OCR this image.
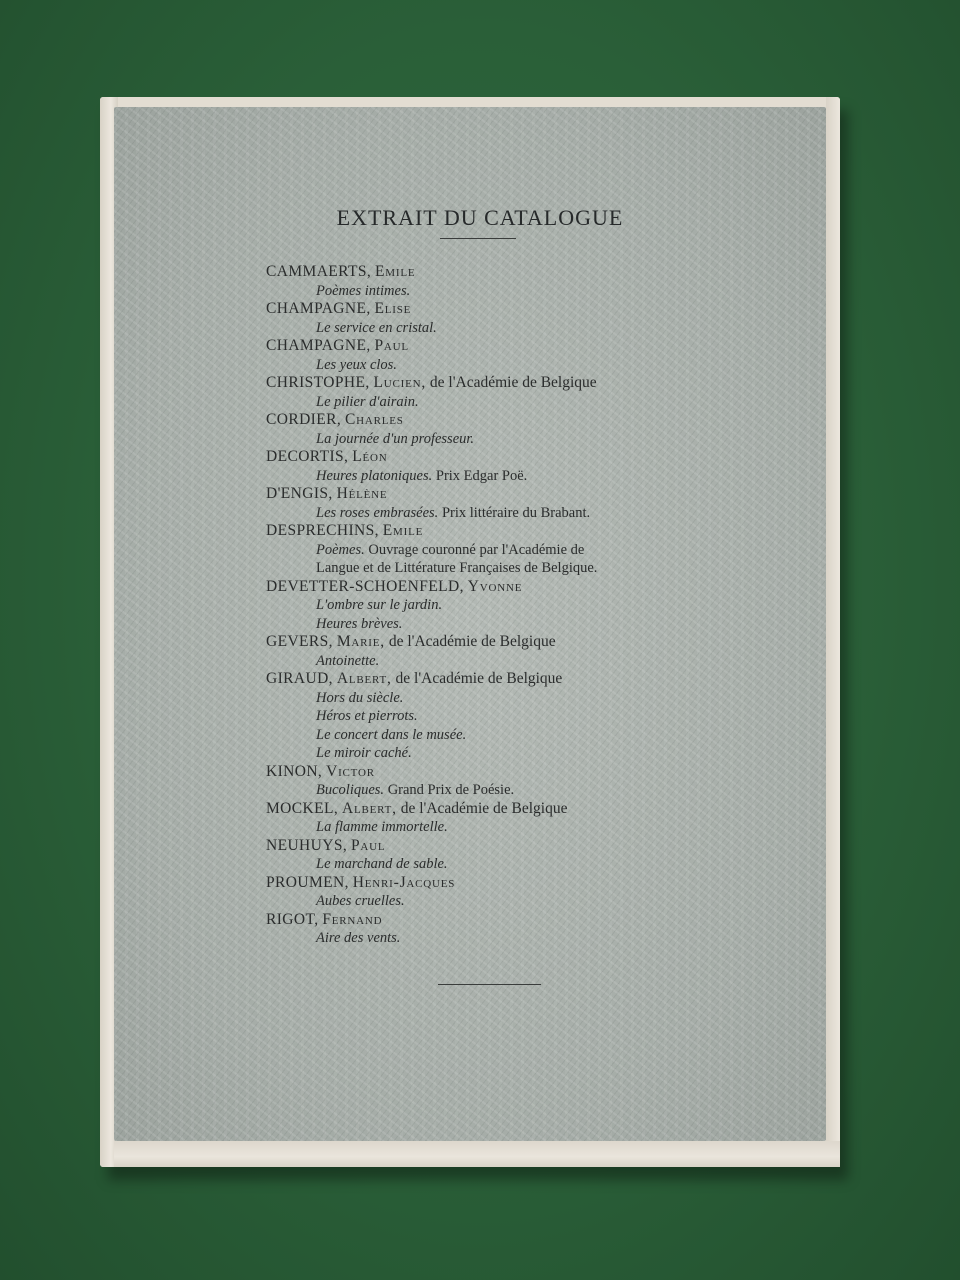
EXTRAIT DU CATALOGUE
CAMMAERTS, Emile
Poèmes intimes.
CHAMPAGNE, Elise
Le service en cristal.
CHAMPAGNE, Paul
Les yeux clos.
CHRISTOPHE, Lucien, de l'Académie de Belgique
Le pilier d'airain.
CORDIER, Charles
La journée d'un professeur.
DECORTIS, Léon
Heures platoniques. Prix Edgar Poë.
D'ENGIS, Hélène
Les roses embrasées. Prix littéraire du Brabant.
DESPRECHINS, Emile
Poèmes. Ouvrage couronné par l'Académie de
Langue et de Littérature Françaises de Belgique.
DEVETTER-SCHOENFELD, Yvonne
L'ombre sur le jardin.
Heures brèves.
GEVERS, Marie, de l'Académie de Belgique
Antoinette.
GIRAUD, Albert, de l'Académie de Belgique
Hors du siècle.
Héros et pierrots.
Le concert dans le musée.
Le miroir caché.
KINON, Victor
Bucoliques. Grand Prix de Poésie.
MOCKEL, Albert, de l'Académie de Belgique
La flamme immortelle.
NEUHUYS, Paul
Le marchand de sable.
PROUMEN, Henri-Jacques
Aubes cruelles.
RIGOT, Fernand
Aire des vents.
